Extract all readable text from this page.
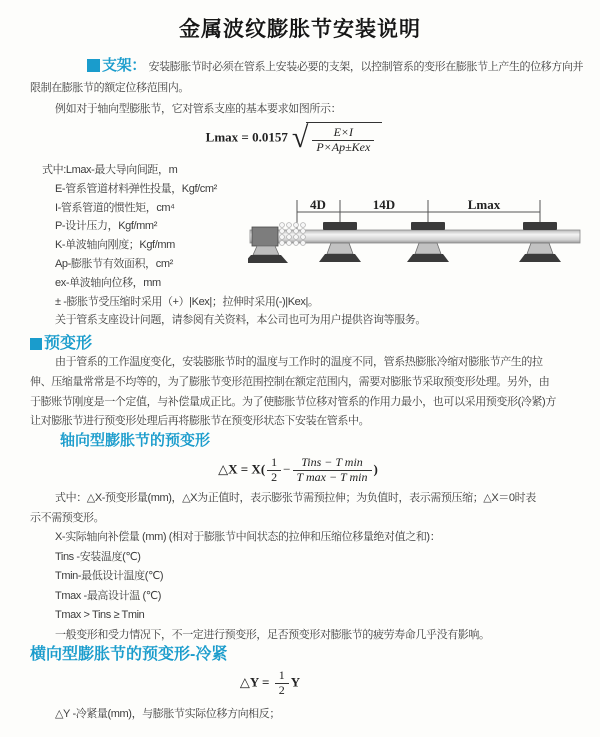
金属波纹膨胀节安装说明
支架： 安装膨胀节时必须在管系上安装必要的支架，以控制管系的变形在膨胀节上产生的位移方向并
限制在膨胀节的额定位移范围内。
例如对于轴向型膨胀节，它对管系支座的基本要求如图所示：
Lmax = 0.0157 √ $\frac{E\times I}{\text{P×Ap±Kex}}$
式中:Lmax-最大导向间距，m
E-管系管道材料弹性投量，Kgf/cm²
I-管系管道的惯性矩，cm⁴
P-设计压力，Kgf/mm²
K-单波轴向刚度；Kgf/mm
Ap-膨胀节有效面积，cm²
ex-单波轴向位移，mm
± -膨胀节受压缩时采用（+）|Kex|；拉伸时采用(-)|Kex|。
关于管系支座设计问题，请参阅有关资料，本公司也可为用户提供咨询等服务。
4D	14D	Lmax
预变形
由于管系的工作温度变化，安装膨胀节时的温度与工作时的温度不同，管系热膨胀冷缩对膨胀节产生的拉
伸、压缩量常常是不均等的，为了膨胀节变形范围控制在额定范围内，需要对膨胀节采取预变形处理。另外，由
于膨账节刚度是一个定值，与补偿量成正比。为了使膨胀节位移对管系的作用力最小，也可以采用预变形(冷紧)方
让对膨胀节进行预变形处理后再将膨胀节在预变形状态下安装在管系中。
轴向型膨胀节的预变形
△X = $X( \frac{1}{2} - \frac{\text{Tins − T min}}{\text{T max − T min}}$ )
式中：△X-预变形量(mm)，△X为正值时，表示膨张节需预拉伸；为负值时，表示需预压缩；△X＝0时表
示不需预变形。
X-实际轴向补偿量 (mm) (相对于膨胀节中间状态的拉伸和压缩位移量绝对值之和)：
Tins -安装温度(℃)
Tmin-最低设计温度(℃)
Tmax -最高设计温 (℃)
Tmax > Tins ≥ Tmin
一般变形和受力情况下，不一定进行预变形，足否预变形对膨胀节的疲劳寿命几乎没有影响。
横向型膨胀节的预变形-冷紧
△Y = $\frac{1}{2}$ Y
△Y -冷紧量(mm)，与膨胀节实际位移方向相反；
